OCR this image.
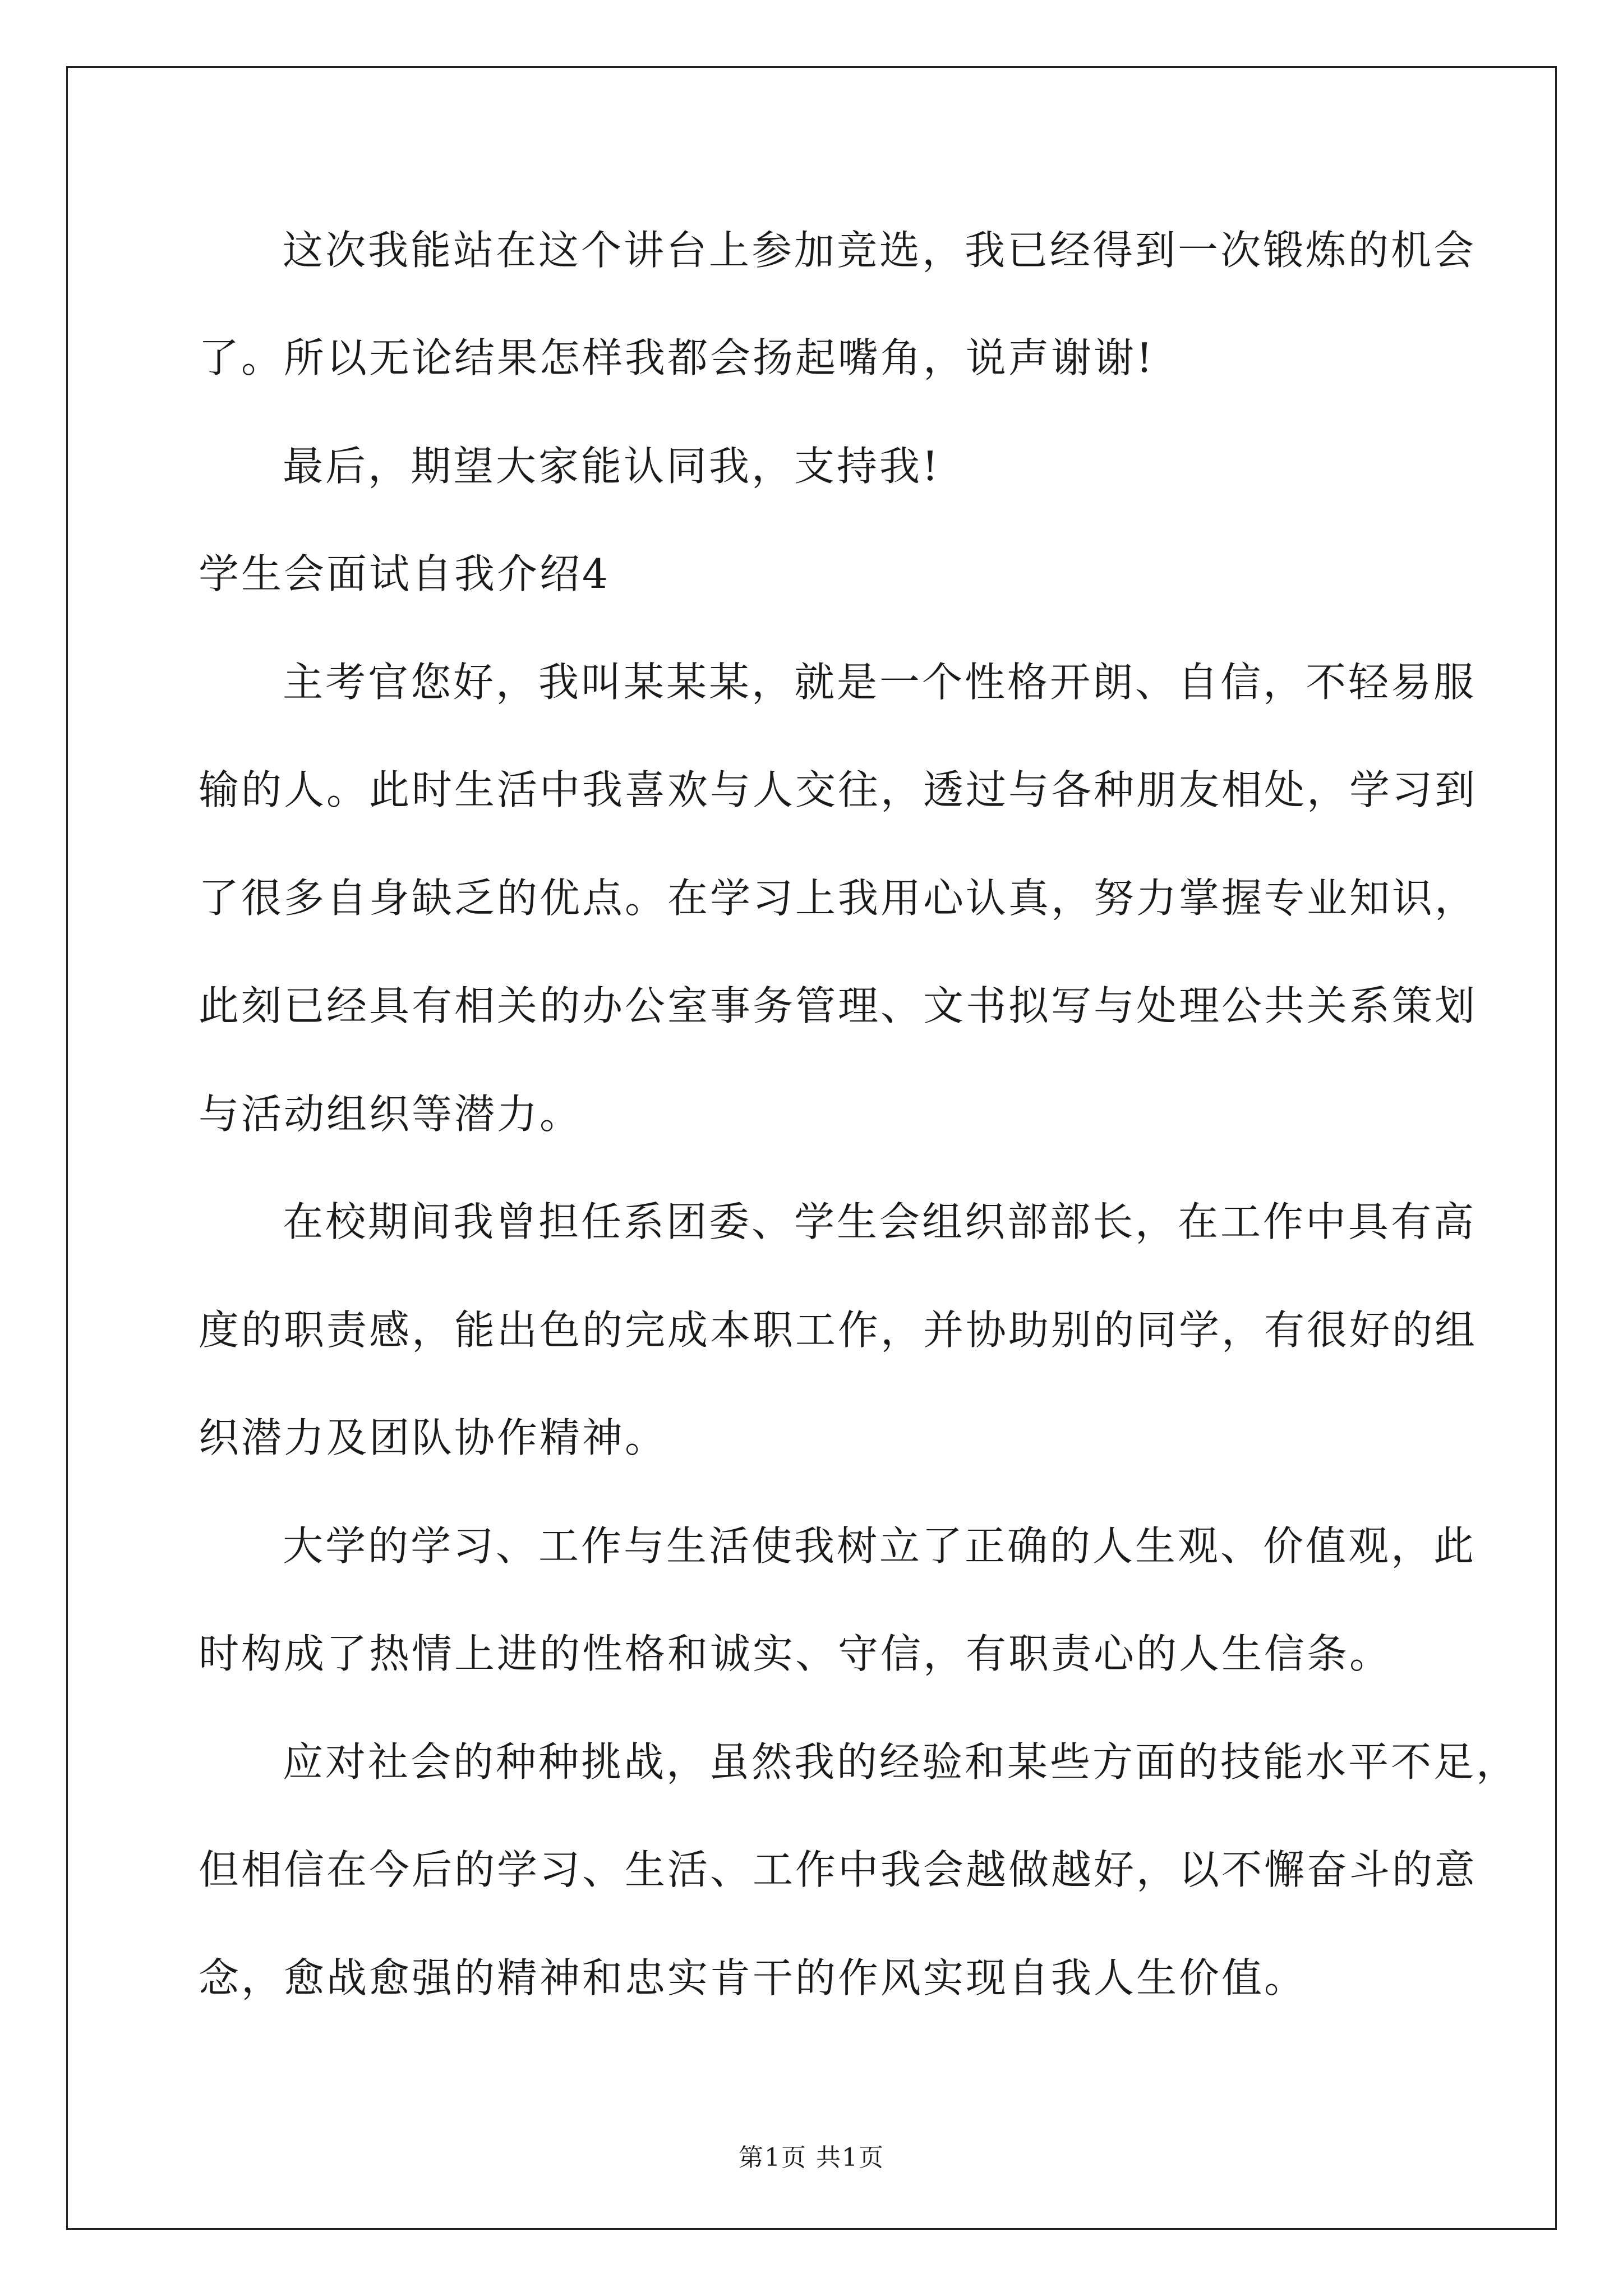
这次我能站在这个讲台上参加竞选，我已经得到一次锻炼的机会
了。所以无论结果怎样我都会扬起嘴角，说声谢谢!
最后，期望大家能认同我，支持我!
学生会面试自我介绍4
主考官您好，我叫某某某，就是一个性格开朗、自信，不轻易服
输的人。此时生活中我喜欢与人交往，透过与各种朋友相处，学习到
了很多自身缺乏的优点。在学习上我用心认真，努力掌握专业知识，
此刻已经具有相关的办公室事务管理、文书拟写与处理公共关系策划
与活动组织等潜力。
在校期间我曾担任系团委、学生会组织部部长，在工作中具有高
度的职责感，能出色的完成本职工作，并协助别的同学，有很好的组
织潜力及团队协作精神。
大学的学习、工作与生活使我树立了正确的人生观、价值观，此
时构成了热情上进的性格和诚实、守信，有职责心的人生信条。
应对社会的种种挑战，虽然我的经验和某些方面的技能水平不足，
但相信在今后的学习、生活、工作中我会越做越好，以不懈奋斗的意
念，愈战愈强的精神和忠实肯干的作风实现自我人生价值。
第1页 共1页
